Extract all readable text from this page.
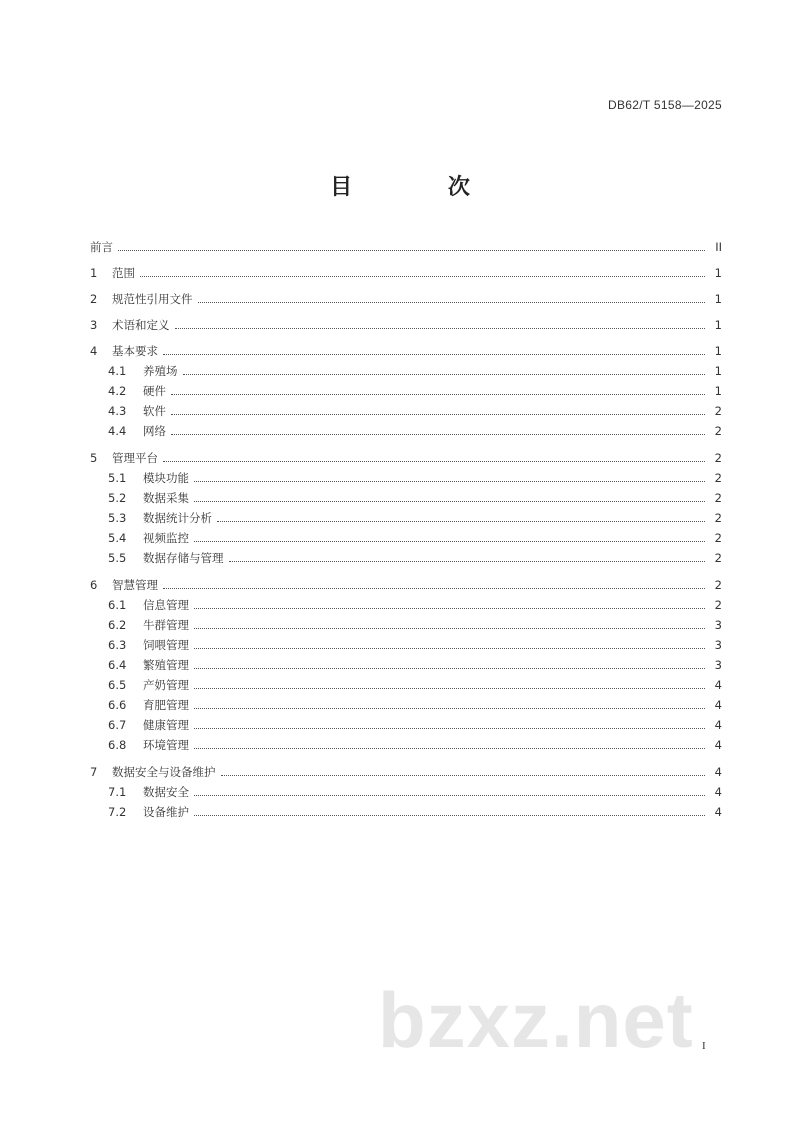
DB62/T 5158—2025
目 次
前言	II
1	范围	1
2	规范性引用文件	1
3	术语和定义	1
4	基本要求	1
4.1	养殖场	1
4.2	硬件	1
4.3	软件	2
4.4	网络	2
5	管理平台	2
5.1	模块功能	2
5.2	数据采集	2
5.3	数据统计分析	2
5.4	视频监控	2
5.5	数据存储与管理	2
6	智慧管理	2
6.1	信息管理	2
6.2	牛群管理	3
6.3	饲喂管理	3
6.4	繁殖管理	3
6.5	产奶管理	4
6.6	育肥管理	4
6.7	健康管理	4
6.8	环境管理	4
7	数据安全与设备维护	4
7.1	数据安全	4
7.2	设备维护	4
I
bzxz.net
